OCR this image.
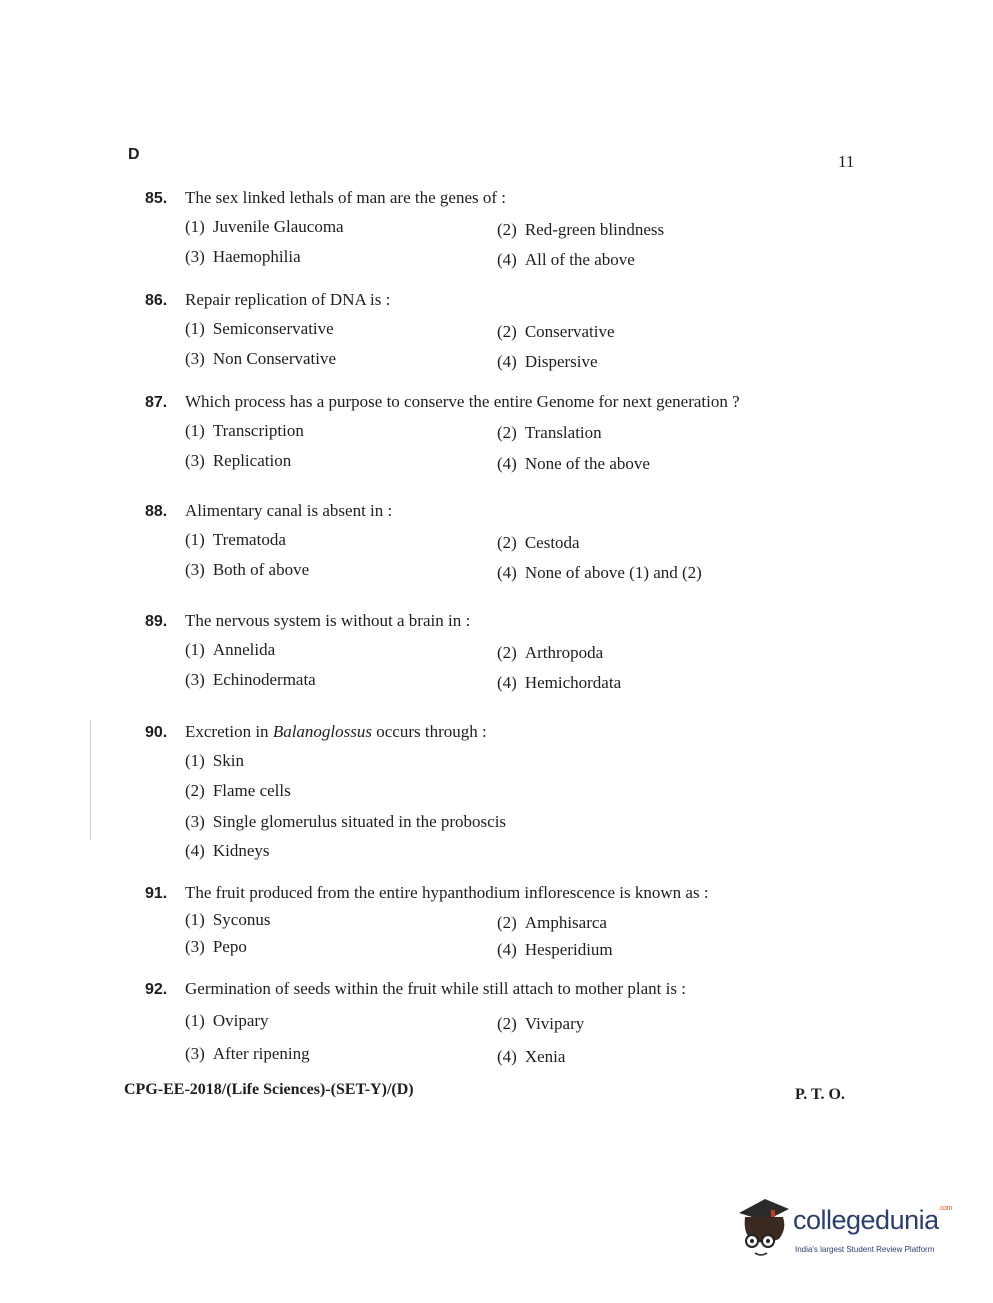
D	11
85. The sex linked lethals of man are the genes of :
(1) Juvenile Glaucoma	(2) Red-green blindness
(3) Haemophilia	(4) All of the above
86. Repair replication of DNA is :
(1) Semiconservative	(2) Conservative
(3) Non Conservative	(4) Dispersive
87. Which process has a purpose to conserve the entire Genome for next generation ?
(1) Transcription	(2) Translation
(3) Replication	(4) None of the above
88. Alimentary canal is absent in :
(1) Trematoda	(2) Cestoda
(3) Both of above	(4) None of above (1) and (2)
89. The nervous system is without a brain in :
(1) Annelida	(2) Arthropoda
(3) Echinodermata	(4) Hemichordata
90. Excretion in Balanoglossus occurs through :
(1) Skin
(2) Flame cells
(3) Single glomerulus situated in the proboscis
(4) Kidneys
91. The fruit produced from the entire hypanthodium inflorescence is known as :
(1) Syconus	(2) Amphisarca
(3) Pepo	(4) Hesperidium
92. Germination of seeds within the fruit while still attach to mother plant is :
(1) Ovipary	(2) Vivipary
(3) After ripening	(4) Xenia
CPG-EE-2018/(Life Sciences)-(SET-Y)/(D)	P. T. O.
collegedunia$^{.com}$
India's largest Student Review Platform
